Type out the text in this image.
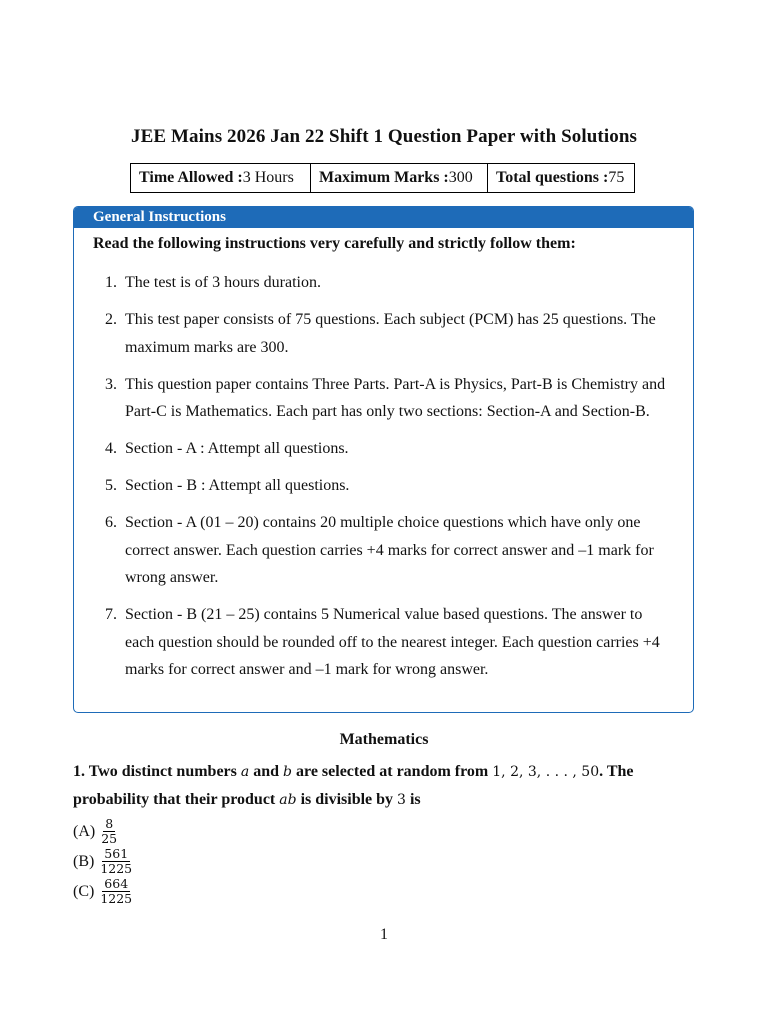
JEE Mains 2026 Jan 22 Shift 1 Question Paper with Solutions
Time Allowed : 3 Hours Maximum Marks : 300 Total questions : 75
General Instructions
Read the following instructions very carefully and strictly follow them:
1. The test is of 3 hours duration.
2. This test paper consists of 75 questions. Each subject (PCM) has 25 questions. The maximum marks are 300.
3. This question paper contains Three Parts. Part-A is Physics, Part-B is Chemistry and Part-C is Mathematics. Each part has only two sections: Section-A and Section-B.
4. Section - A : Attempt all questions.
5. Section - B : Attempt all questions.
6. Section - A (01 – 20) contains 20 multiple choice questions which have only one correct answer. Each question carries +4 marks for correct answer and –1 mark for wrong answer.
7. Section - B (21 – 25) contains 5 Numerical value based questions. The answer to each question should be rounded off to the nearest integer. Each question carries +4 marks for correct answer and –1 mark for wrong answer.
Mathematics
1. Two distinct numbers a and b are selected at random from 1, 2, 3, . . . , 50. The probability that their product ab is divisible by 3 is
$(A) \frac{8}{25}$
$(B) \frac{561}{1225}$
$(C) \frac{664}{1225}$
1
